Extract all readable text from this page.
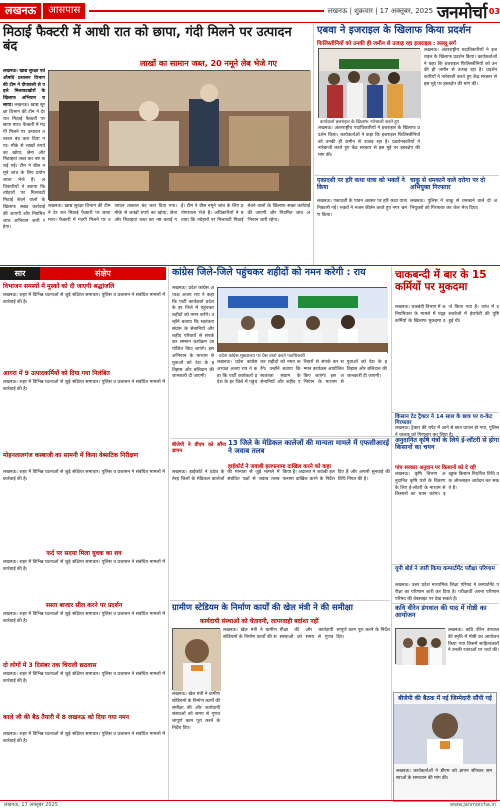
लखनऊ	आसपास	लखनऊ | शुक्रवार | 17 अक्तूबर, 2025 जनमोर्चा 03
मिठाई फैक्टरी में आधी रात को छापा, गंदी मिलने पर उत्पादन बंद
लाखों का सामान जब्त, 20 नमूने लेब भेजे गए
लखनऊ। खाद्य सुरक्षा एवं औषधि प्रशासन विभाग की टीम ने दीपावली से पहले मिलावटखोरों के खिलाफ अभियान चलाया। लखनऊ। खाद्य सुरक्षा विभाग की टीम ने देर रात मिठाई फैक्टरी पर छापा मारा। फैक्टरी में गंदगी मिलने पर उत्पादन तत्काल बंद करा दिया गया। मौके से लाखों रुपये का खोया, छेना और मिठाइयां जब्त कर नष्ट कराई गईं। टीम ने बीस नमूने जांच के लिए प्रयोगशाला भेजे हैं। अधिकारियों ने बताया कि त्योहारों पर मिलावटी मिठाई बेचने वालों के खिलाफ सख्त कार्रवाई की जाएगी और नियमित जांच अभियान जारी रहेगा।
लखनऊ। खाद्य सुरक्षा विभाग की टीम ने देर रात मिठाई फैक्टरी पर छापा मारा। फैक्टरी में गंदगी मिलने पर उत्पादन तत्काल बंद करा दिया गया। मौके से लाखों रुपये का खोया, छेना और मिठाइयां जब्त कर नष्ट कराई गईं। टीम ने बीस नमूने जांच के लिए प्रयोगशाला भेजे हैं। अधिकारियों ने बताया कि त्योहारों पर मिलावटी मिठाई बेचने वालों के खिलाफ सख्त कार्रवाई की जाएगी और नियमित जांच अभियान जारी रहेगा।
सार	संक्षेप
विभाजन समस्यों में मुस्कों को दी जाएगी श्रद्धांजलि
लखनऊ। शहर में विभिन्न घटनाओं से जुड़े संक्षिप्त समाचार। पुलिस व प्रशासन ने संबंधित मामलों में कार्रवाई की है।
आगरा में 9 उत्पादकर्मियों को दिया गया निलंबित
लखनऊ। शहर में विभिन्न घटनाओं से जुड़े संक्षिप्त समाचार। पुलिस व प्रशासन ने संबंधित मामलों में कार्रवाई की है।
मोहनलालगंज कस्बाजी का सामनी में किया वेब्सटिक निरीक्षण
लखनऊ। शहर में विभिन्न घटनाओं से जुड़े संक्षिप्त समाचार। पुलिस व प्रशासन ने संबंधित मामलों में कार्रवाई की है।
फर्द पर सदया मिला युवक का शव
लखनऊ। शहर में विभिन्न घटनाओं से जुड़े संक्षिप्त समाचार। पुलिस व प्रशासन ने संबंधित मामलों में कार्रवाई की है।
सस्ता बाजार सील करने पर प्रदर्शन
लखनऊ। शहर में विभिन्न घटनाओं से जुड़े संक्षिप्त समाचार। पुलिस व प्रशासन ने संबंधित मामलों में कार्रवाई की है।
दो लोगों में 3 दिसंबर तक चिराली छठवास
लखनऊ। शहर में विभिन्न घटनाओं से जुड़े संक्षिप्त समाचार। पुलिस व प्रशासन ने संबंधित मामलों में कार्रवाई की है।
काले जी की बैठ तैयारी में 8 लखनऊ को दिया गया नमन
लखनऊ। शहर में विभिन्न घटनाओं से जुड़े संक्षिप्त समाचार। पुलिस व प्रशासन ने संबंधित मामलों में कार्रवाई की है।
एबवा ने इजराइल के खिलाफ किया प्रदर्शन
फिलिस्तीनियों को उनकी ही जमीन से उजाड़ रहा इजराइल : लल्लू सर्ग
कार्यकर्ता इजराइल के खिलाफ नारेबाजी करते हुए
लखनऊ। अंतरराष्ट्रीय पदाधिकारियों ने इजराइल के खिलाफ प्रदर्शन किया। कार्यकर्ताओं ने कहा कि इजराइल फिलिस्तीनियों को उनकी ही जमीन से उजाड़ रहा है। प्रदर्शनकारियों ने नारेबाजी करते हुए केंद्र सरकार से इस मुद्दे पर हस्तक्षेप की मांग की।
लखनऊ। अंतरराष्ट्रीय पदाधिकारियों ने इजराइल के खिलाफ प्रदर्शन किया। कार्यकर्ताओं ने कहा कि इजराइल फिलिस्तीनियों को उनकी ही जमीन से उजाड़ रहा है। प्रदर्शनकारियों ने नारेबाजी करते हुए केंद्र सरकार से इस मुद्दे पर हस्तक्षेप की मांग की।
एकादशी पर हरि कथा यात्रा को भक्तों ने किया
लखनऊ। एकादशी के पावन अवसर पर हरि कथा यात्रा निकाली गई। भक्तों ने भजन कीर्तन करते हुए नगर भ्रमण किया।
चाकू से धमकाने वाले दरोगा पर दो अभियुक्त गिरफ्तार
लखनऊ। पुलिस ने चाकू से धमकाने वाले दो अभियुक्तों को गिरफ्तार कर जेल भेज दिया।
कांग्रेस जिले-जिले पहुंचकर शहीदों को नमन करेगी : राय
लखनऊ। प्रदेश कांग्रेस अध्यक्ष अजय राय ने कहा कि पार्टी कार्यकर्ता प्रदेश के हर जिले में पहुंचकर शहीदों को नमन करेंगे। उन्होंने बताया कि स्वतंत्रता संग्राम के सेनानियों और शहीद परिवारों से संपर्क कर सम्मान कार्यक्रम आयोजित किए जाएंगे। इस अभियान के माध्यम से युवाओं को देश के इतिहास और बलिदान की जानकारी दी जाएगी।
प्रदेश कांग्रेस मुख्यालय पर प्रेस वार्ता करते पदाधिकारी
लखनऊ। प्रदेश कांग्रेस अध्यक्ष अजय राय ने कहा कि पार्टी कार्यकर्ता प्रदेश के हर जिले में पहुंचकर शहीदों को नमन करेंगे। उन्होंने बताया कि स्वतंत्रता संग्राम के सेनानियों और शहीद परिवारों से संपर्क कर सम्मान कार्यक्रम आयोजित किए जाएंगे। इस अभियान के माध्यम से युवाओं को देश के इतिहास और बलिदान की जानकारी दी जाएगी।
बीजेपी ने डीएम को सौंपा ज्ञापन
13 जिले के मेडिकल कालेजों की मान्यता मामले में एफसीआरई ने जवाब तलब
हाईकोर्ट ने जवाबी हलफनामा दाखिल करने को कहा
लखनऊ। हाईकोर्ट ने प्रदेश के तेरह जिलों के मेडिकल कालेजों की मान्यता से जुड़े मामले में संबंधित पक्षों से जवाब तलब किया है। अदालत ने जवाबी हलफनामा दाखिल करने के निर्देश दिए हैं और अगली सुनवाई की तिथि नियत की है।
ग्रामीण स्टेडियम के निर्माण कार्यों की खेल मंत्री ने की समीक्षा
कार्यदायी संस्थाओं को चेतावनी, लापरवाही बर्दाश्त नहीं
लखनऊ। खेल मंत्री ने ग्रामीण स्टेडियमों के निर्माण कार्यों की समीक्षा की और कार्यदायी संस्थाओं को समय से गुणवत्तापूर्ण काम पूरा करने के निर्देश दिए।
लखनऊ। खेल मंत्री ने ग्रामीण स्टेडियमों के निर्माण कार्यों की समीक्षा की और कार्यदायी संस्थाओं को समय से गुणवत्तापूर्ण काम पूरा करने के निर्देश दिए।
चाकबन्दी में बार के 15 कर्मियों पर मुकदमा
लखनऊ। चकबंदी विभाग में अनियमितता के मामले में पंद्रह कर्मियों के खिलाफ मुकदमा दर्ज किया गया है। जांच में दस्तावेजों में हेराफेरी की पुष्टि हुई थी।
किसान टेट ट्रैक्टर ने 14 साल के छात्र पर व-केट गिरफ्तार
लखनऊ। ट्रैक्टर की चपेट में आने से छात्र घायल हो गया, पुलिस
अनुदानित कृषि यंत्रों के लिये ई-लॉटरी से होगा किसानों का चयन
पांच सरकार अनुदान पर किसानों को दे रही
लखनऊ। कृषि विभाग अनुदानित कृषि यंत्रों के वितरण के लिए ई-लॉटरी के माध्यम से किसानों का चयन करेगा। इच्छुक किसान निर्धारित तिथि तक ऑनलाइन आवेदन कर सकते हैं।
यूपी बोर्ड ने जारी किया कम्पार्टमेंट परीक्षा परिणाम
लखनऊ। उत्तर प्रदेश माध्यमिक शिक्षा परिषद ने कम्पार्टमेंट परीक्षा का परिणाम जारी कर दिया है। परीक्षार्थी अपना परिणाम परिषद की वेबसाइट पर देख सकते हैं।
कवि वीरेन डंगवाल की याद में गोष्ठी का आयोजन
लखनऊ। कवि वीरेन डंगवाल की स्मृति में गोष्ठी का आयोजन किया गया जिसमें साहित्यकारों ने उनकी रचनाओं पर चर्चा की।
बीजेपी की बैठक में नई जिम्मेदारी सौंपी गई
लखनऊ। कार्यकर्ताओं ने डीएम को ज्ञापन सौंपकर समस्याओं के समाधान की मांग की।
लखनऊ, 17 अक्तूबर 2025	www.janmorcha.in
